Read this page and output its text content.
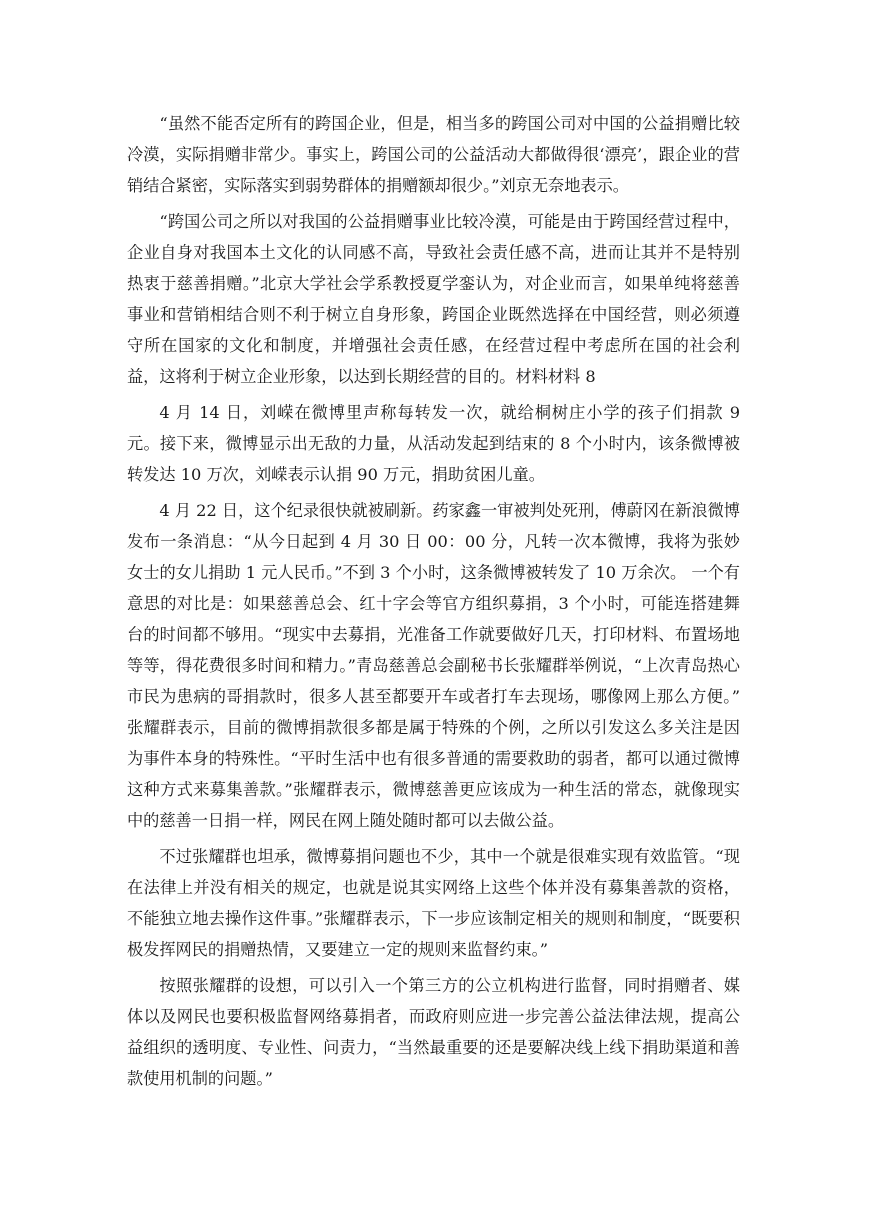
“虽然不能否定所有的跨国企业，但是，相当多的跨国公司对中国的公益捐赠比较冷漠，实际捐赠非常少。事实上，跨国公司的公益活动大都做得很‘漂亮’，跟企业的营销结合紧密，实际落实到弱势群体的捐赠额却很少。”刘京无奈地表示。

“跨国公司之所以对我国的公益捐赠事业比较冷漠，可能是由于跨国经营过程中，企业自身对我国本土文化的认同感不高，导致社会责任感不高，进而让其并不是特别热衷于慈善捐赠。”北京大学社会学系教授夏学銮认为，对企业而言，如果单纯将慈善事业和营销相结合则不利于树立自身形象，跨国企业既然选择在中国经营，则必须遵守所在国家的文化和制度，并增强社会责任感，在经营过程中考虑所在国的社会利益，这将利于树立企业形象，以达到长期经营的目的。材料材料 8

4 月 14 日，刘嵘在微博里声称每转发一次，就给桐树庄小学的孩子们捐款 9 元。接下来，微博显示出无敌的力量，从活动发起到结束的 8 个小时内，该条微博被转发达 10 万次，刘嵘表示认捐 90 万元，捐助贫困儿童。

4 月 22 日，这个纪录很快就被刷新。药家鑫一审被判处死刑，傅蔚冈在新浪微博发布一条消息：“从今日起到 4 月 30 日 00：00 分，凡转一次本微博，我将为张妙女士的女儿捐助 1 元人民币。”不到 3 个小时，这条微博被转发了 10 万余次。 一个有意思的对比是：如果慈善总会、红十字会等官方组织募捐，3 个小时，可能连搭建舞台的时间都不够用。“现实中去募捐，光准备工作就要做好几天，打印材料、布置场地等等，得花费很多时间和精力。”青岛慈善总会副秘书长张耀群举例说，“上次青岛热心市民为患病的哥捐款时，很多人甚至都要开车或者打车去现场，哪像网上那么方便。” 张耀群表示，目前的微博捐款很多都是属于特殊的个例，之所以引发这么多关注是因为事件本身的特殊性。“平时生活中也有很多普通的需要救助的弱者，都可以通过微博这种方式来募集善款。”张耀群表示，微博慈善更应该成为一种生活的常态，就像现实中的慈善一日捐一样，网民在网上随处随时都可以去做公益。

不过张耀群也坦承，微博募捐问题也不少，其中一个就是很难实现有效监管。“现在法律上并没有相关的规定，也就是说其实网络上这些个体并没有募集善款的资格，不能独立地去操作这件事。”张耀群表示，下一步应该制定相关的规则和制度，“既要积极发挥网民的捐赠热情，又要建立一定的规则来监督约束。”

按照张耀群的设想，可以引入一个第三方的公立机构进行监督，同时捐赠者、媒体以及网民也要积极监督网络募捐者，而政府则应进一步完善公益法律法规，提高公益组织的透明度、专业性、问责力，“当然最重要的还是要解决线上线下捐助渠道和善款使用机制的问题。”
